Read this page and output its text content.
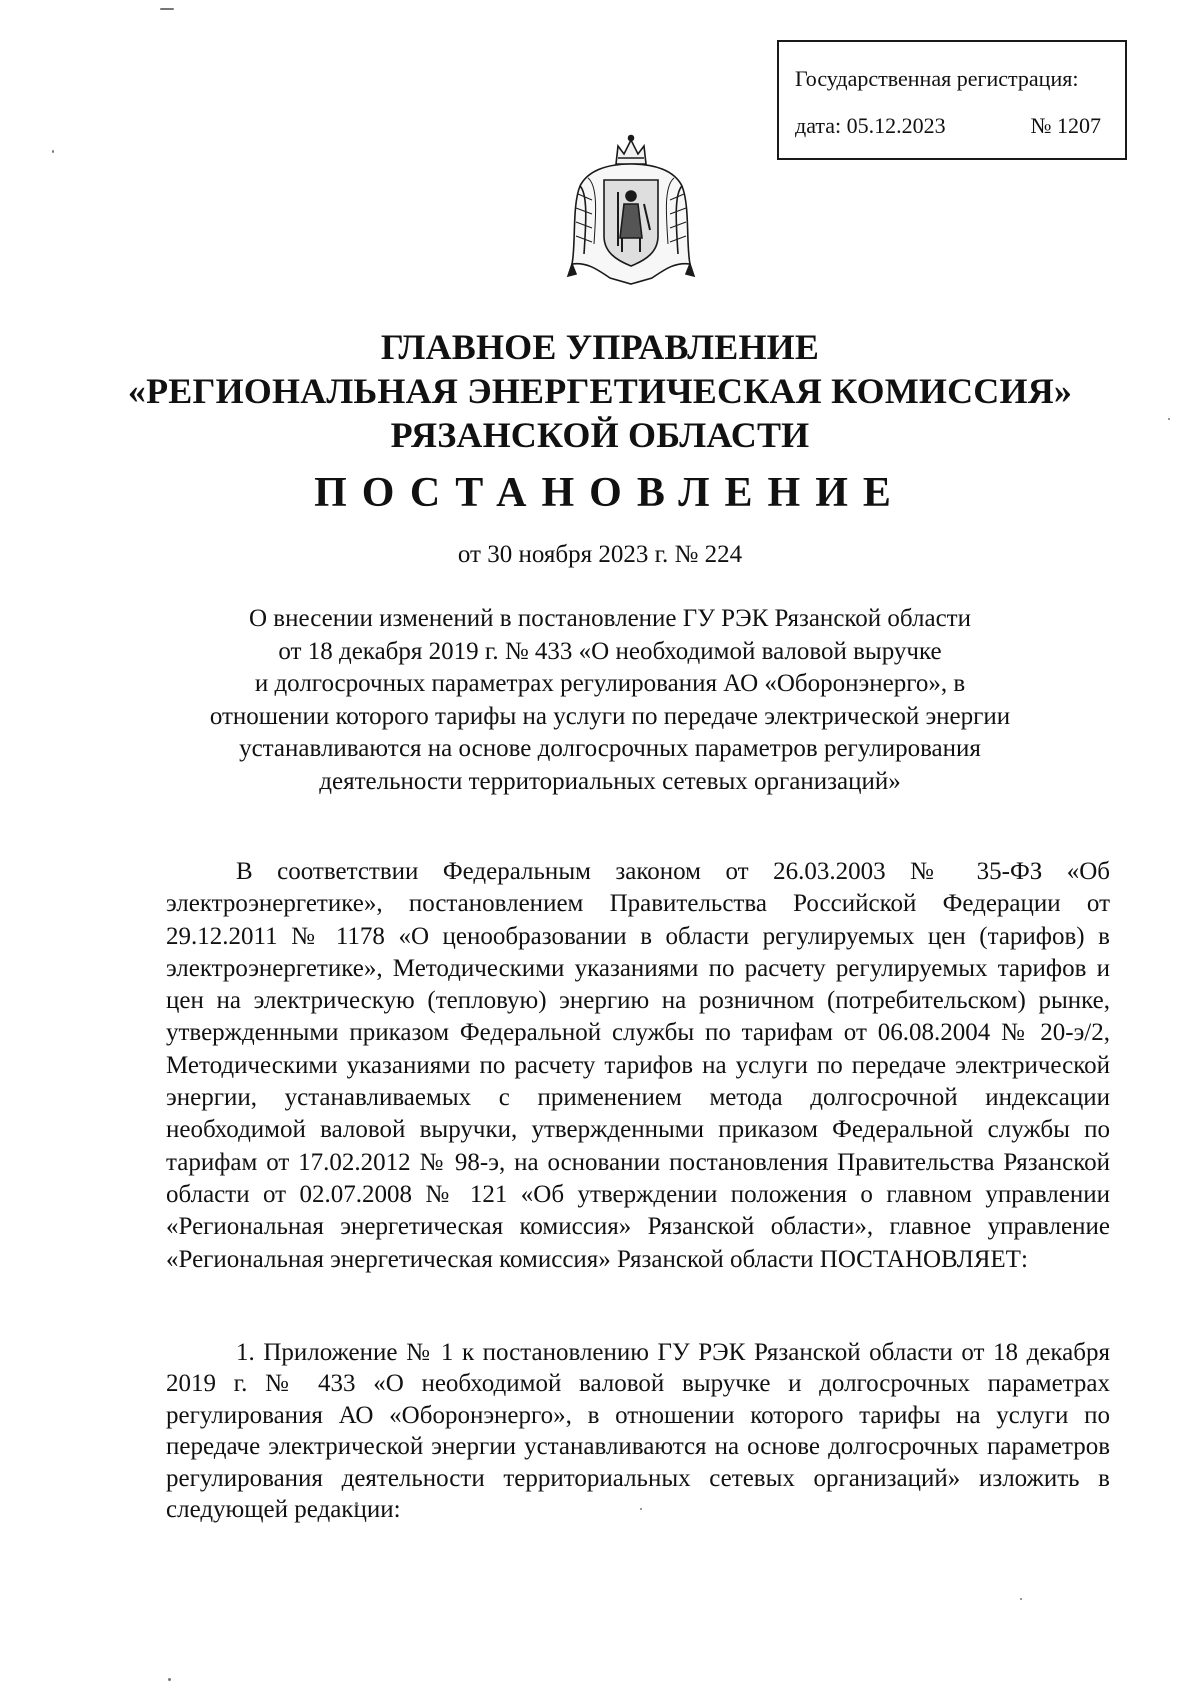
Государственная регистрация:
дата: 05.12.2023	№ 1207
ГЛАВНОЕ УПРАВЛЕНИЕ
«РЕГИОНАЛЬНАЯ ЭНЕРГЕТИЧЕСКАЯ КОМИССИЯ»
РЯЗАНСКОЙ ОБЛАСТИ
ПОСТАНОВЛЕНИЕ
от 30 ноября 2023 г. № 224
О внесении изменений в постановление ГУ РЭК Рязанской области
от 18 декабря 2019 г. № 433 «О необходимой валовой выручке
и долгосрочных параметрах регулирования АО «Оборонэнерго», в
отношении которого тарифы на услуги по передаче электрической энергии
устанавливаются на основе долгосрочных параметров регулирования
деятельности территориальных сетевых организаций»
В соответствии Федеральным законом от 26.03.2003 № 35-ФЗ «Об электроэнергетике», постановлением Правительства Российской Федерации от 29.12.2011 № 1178 «О ценообразовании в области регулируемых цен (тарифов) в электроэнергетике», Методическими указаниями по расчету регулируемых тарифов и цен на электрическую (тепловую) энергию на розничном (потребительском) рынке, утвержденными приказом Федеральной службы по тарифам от 06.08.2004 № 20-э/2, Методическими указаниями по расчету тарифов на услуги по передаче электрической энергии, устанавливаемых с применением метода долгосрочной индексации необходимой валовой выручки, утвержденными приказом Федеральной службы по тарифам от 17.02.2012 № 98-э, на основании постановления Правительства Рязанской области от 02.07.2008 № 121 «Об утверждении положения о главном управлении «Региональная энергетическая комиссия» Рязанской области», главное управление «Региональная энергетическая комиссия» Рязанской области ПОСТАНОВЛЯЕТ:
1. Приложение № 1 к постановлению ГУ РЭК Рязанской области от 18 декабря 2019 г. № 433 «О необходимой валовой выручке и долгосрочных параметрах регулирования АО «Оборонэнерго», в отношении которого тарифы на услуги по передаче электрической энергии устанавливаются на основе долгосрочных параметров регулирования деятельности территориальных сетевых организаций» изложить в следующей редакции:
